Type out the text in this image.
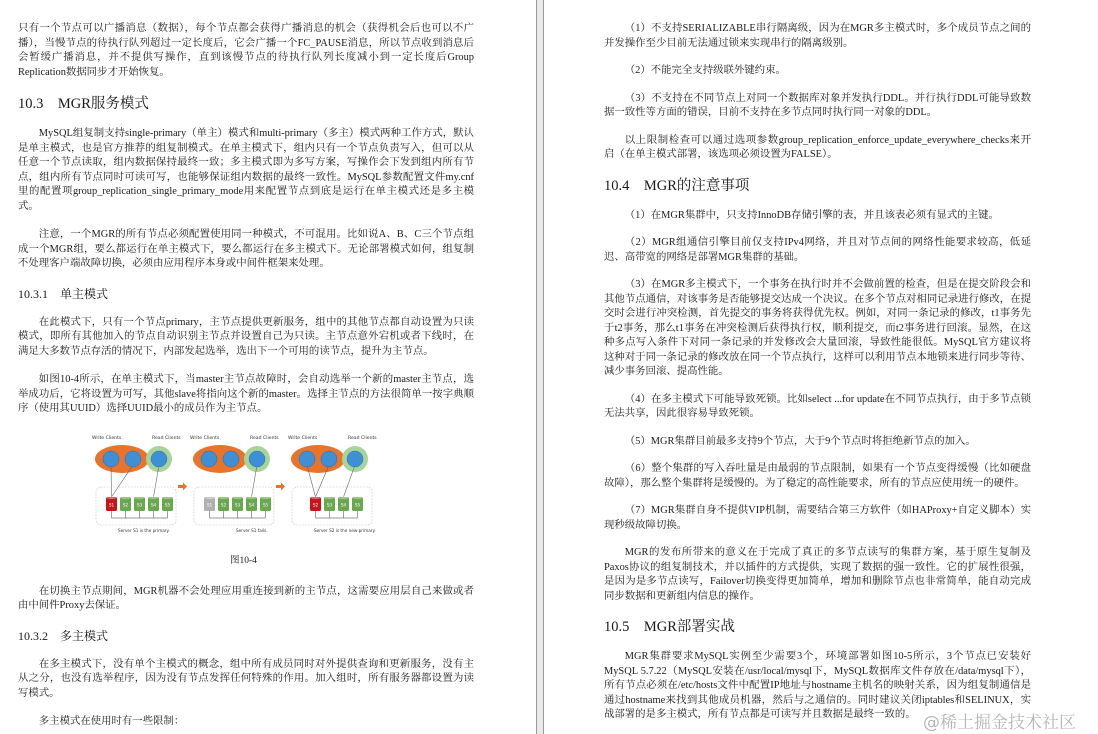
只有一个节点可以广播消息（数据），每个节点都会获得广播消息的机会（获得机会后也可以不广播），当慢节点的待执行队列超过一定长度后，它会广播一个FC_PAUSE消息，所以节点收到消息后会暂缓广播消息，并不提供写操作，直到该慢节点的待执行队列长度减小到一定长度后Group Replication数据同步才开始恢复。

10.3　MGR服务模式

MySQL组复制支持single-primary（单主）模式和multi-primary（多主）模式两种工作方式，默认是单主模式，也是官方推荐的组复制模式。在单主模式下，组内只有一个节点负责写入，但可以从任意一个节点读取，组内数据保持最终一致；多主模式即为多写方案，写操作会下发到组内所有节点，组内所有节点同时可读可写，也能够保证组内数据的最终一致性。MySQL参数配置文件my.cnf里的配置项group_replication_single_primary_mode用来配置节点到底是运行在单主模式还是多主模式。

注意，一个MGR的所有节点必须配置使用同一种模式，不可混用。比如说A、B、C三个节点组成一个MGR组，要么都运行在单主模式下，要么都运行在多主模式下。无论部署模式如何，组复制不处理客户端故障切换，必须由应用程序本身或中间件框架来处理。

10.3.1　单主模式

在此模式下，只有一个节点primary，主节点提供更新服务，组中的其他节点都自动设置为只读模式，即所有其他加入的节点自动识别主节点并设置自己为只读。主节点意外宕机或者下线时，在满足大多数节点存活的情况下，内部发起选举，选出下一个可用的读节点，提升为主节点。

如图10-4所示，在单主模式下，当master主节点故障时，会自动选举一个新的master主节点，选举成功后，它将设置为可写，其他slave将指向这个新的master。选择主节点的方法很简单一按字典顺序（使用其UUID）选择UUID最小的成员作为主节点。

Write Clients	Read Clients
S1 S2 S3 S4 S5
Server S1 is the primary.
Write Clients	Read Clients
S1 S2 S3 S4 S5
Server S1 fails.
Write Clients	Read Clients
S2 S3 S4 S5
Server S2 is the new primary.
图10-4

在切换主节点期间，MGR机器不会处理应用重连接到新的主节点，这需要应用层自己来做或者由中间件Proxy去保证。

10.3.2　多主模式

在多主模式下，没有单个主模式的概念，组中所有成员同时对外提供查询和更新服务，没有主从之分，也没有选举程序，因为没有节点发挥任何特殊的作用。加入组时，所有服务器都设置为读写模式。

多主模式在使用时有一些限制：

（1）不支持SERIALIZABLE串行隔离级，因为在MGR多主模式时，多个成员节点之间的并发操作至少目前无法通过锁来实现串行的隔离级别。

（2）不能完全支持级联外键约束。

（3）不支持在不同节点上对同一个数据库对象并发执行DDL。并行执行DDL可能导致数据一致性等方面的错误，目前不支持在多节点同时执行同一对象的DDL。

以上限制检查可以通过选项参数group_replication_enforce_update_everywhere_checks来开启（在单主模式部署，该选项必须设置为FALSE）。

10.4　MGR的注意事项

（1）在MGR集群中，只支持InnoDB存储引擎的表，并且该表必须有显式的主键。

（2）MGR组通信引擎目前仅支持IPv4网络，并且对节点间的网络性能要求较高，低延迟、高带宽的网络是部署MGR集群的基础。

（3）在MGR多主模式下，一个事务在执行时并不会做前置的检查，但是在提交阶段会和其他节点通信，对该事务是否能够提交达成一个决议。在多个节点对相同记录进行修改，在提交时会进行冲突检测，首先提交的事务将获得优先权。例如，对同一条记录的修改，t1事务先于t2事务，那么t1事务在冲突检测后获得执行权，顺利提交，而t2事务进行回滚。显然，在这种多点写入条件下对同一条记录的并发修改会大量回滚，导致性能很低。MySQL官方建议将这种对于同一条记录的修改放在同一个节点执行，这样可以利用节点本地锁来进行同步等待、减少事务回滚、提高性能。

（4）在多主模式下可能导致死锁。比如select ...for update在不同节点执行，由于多节点锁无法共享，因此很容易导致死锁。

（5）MGR集群目前最多支持9个节点，大于9个节点时将拒绝新节点的加入。

（6）整个集群的写入吞吐量是由最弱的节点限制，如果有一个节点变得缓慢（比如硬盘故障），那么整个集群将是缓慢的。为了稳定的高性能要求，所有的节点应使用统一的硬件。

（7）MGR集群自身不提供VIP机制，需要结合第三方软件（如HAProxy+自定义脚本）实现秒级故障切换。

MGR的发布所带来的意义在于完成了真正的多节点读写的集群方案，基于原生复制及Paxos协议的组复制技术，并以插件的方式提供，实现了数据的强一致性。它的扩展性很强，是因为是多节点读写，Failover切换变得更加简单，增加和删除节点也非常简单，能自动完成同步数据和更新组内信息的操作。

10.5　MGR部署实战

MGR集群要求MySQL实例至少需要3个，环境部署如图10-5所示，3个节点已安装好MySQL 5.7.22（MySQL安装在/usr/local/mysql下，MySQL数据库文件存放在/data/mysql下），所有节点必须在/etc/hosts文件中配置IP地址与hostname主机名的映射关系，因为组复制通信是通过hostname来找到其他成员机器，然后与之通信的。同时建议关闭iptables和SELINUX，实战部署的是多主模式，所有节点都是可读写并且数据是最终一致的。 @稀土掘金技术社区
